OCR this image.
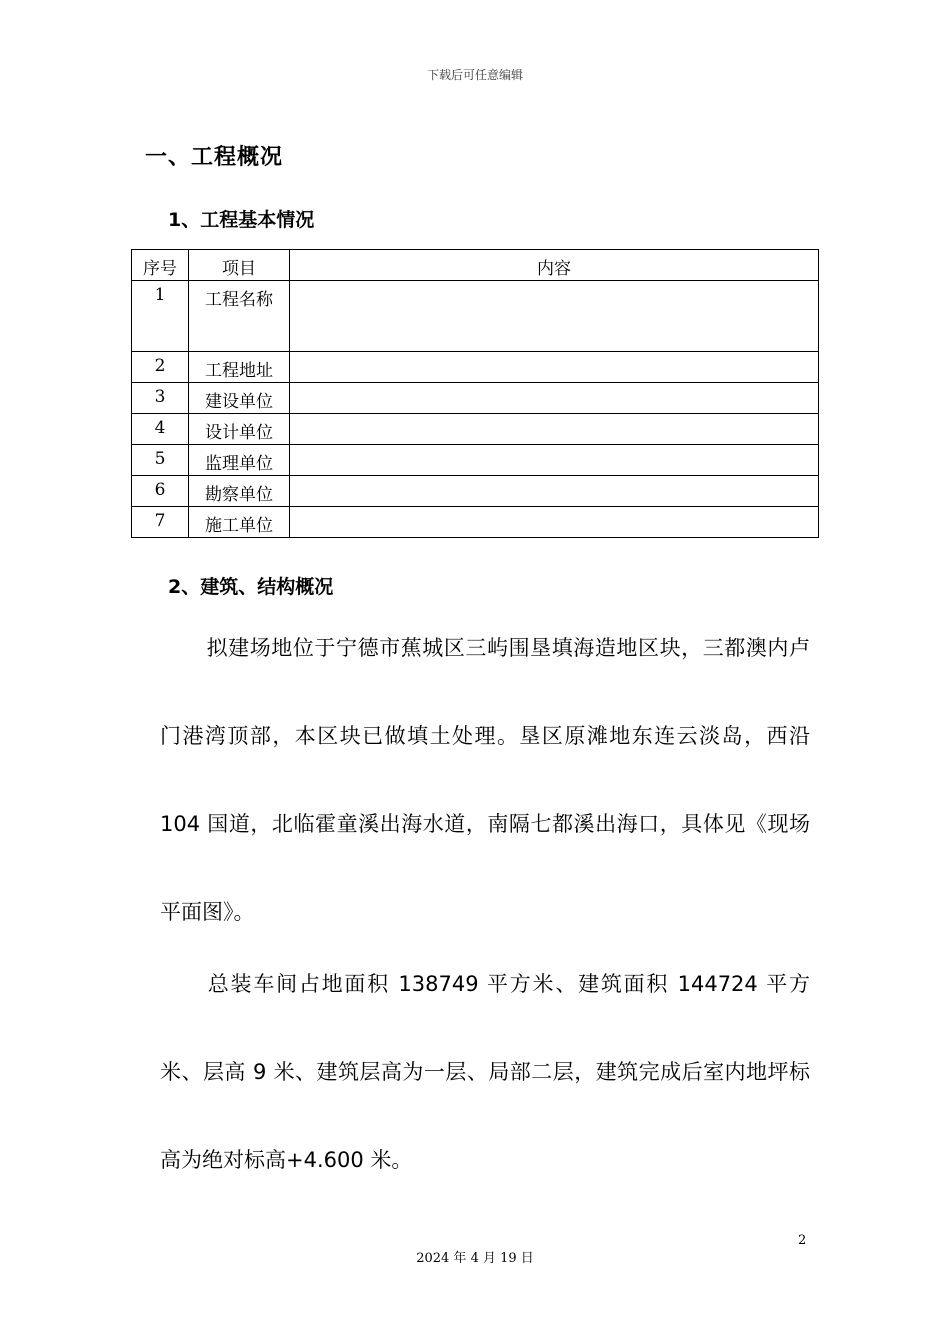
下载后可任意编辑
一、工程概况
1、工程基本情况
序号	项目	内容
1	工程名称	
2	工程地址	
3	建设单位	
4	设计单位	
5	监理单位	
6	勘察单位	
7	施工单位	
2、建筑、结构概况
拟建场地位于宁德市蕉城区三屿围垦填海造地区块，三都澳内卢门港湾顶部，本区块已做填土处理。垦区原滩地东连云淡岛，西沿 104 国道，北临霍童溪出海水道，南隔七都溪出海口，具体见《现场平面图》。
总装车间占地面积 138749 平方米、建筑面积 144724 平方米、层高 9 米、建筑层高为一层、局部二层，建筑完成后室内地坪标高为绝对标高+4.600 米。
2
2024 年 4 月 19 日
